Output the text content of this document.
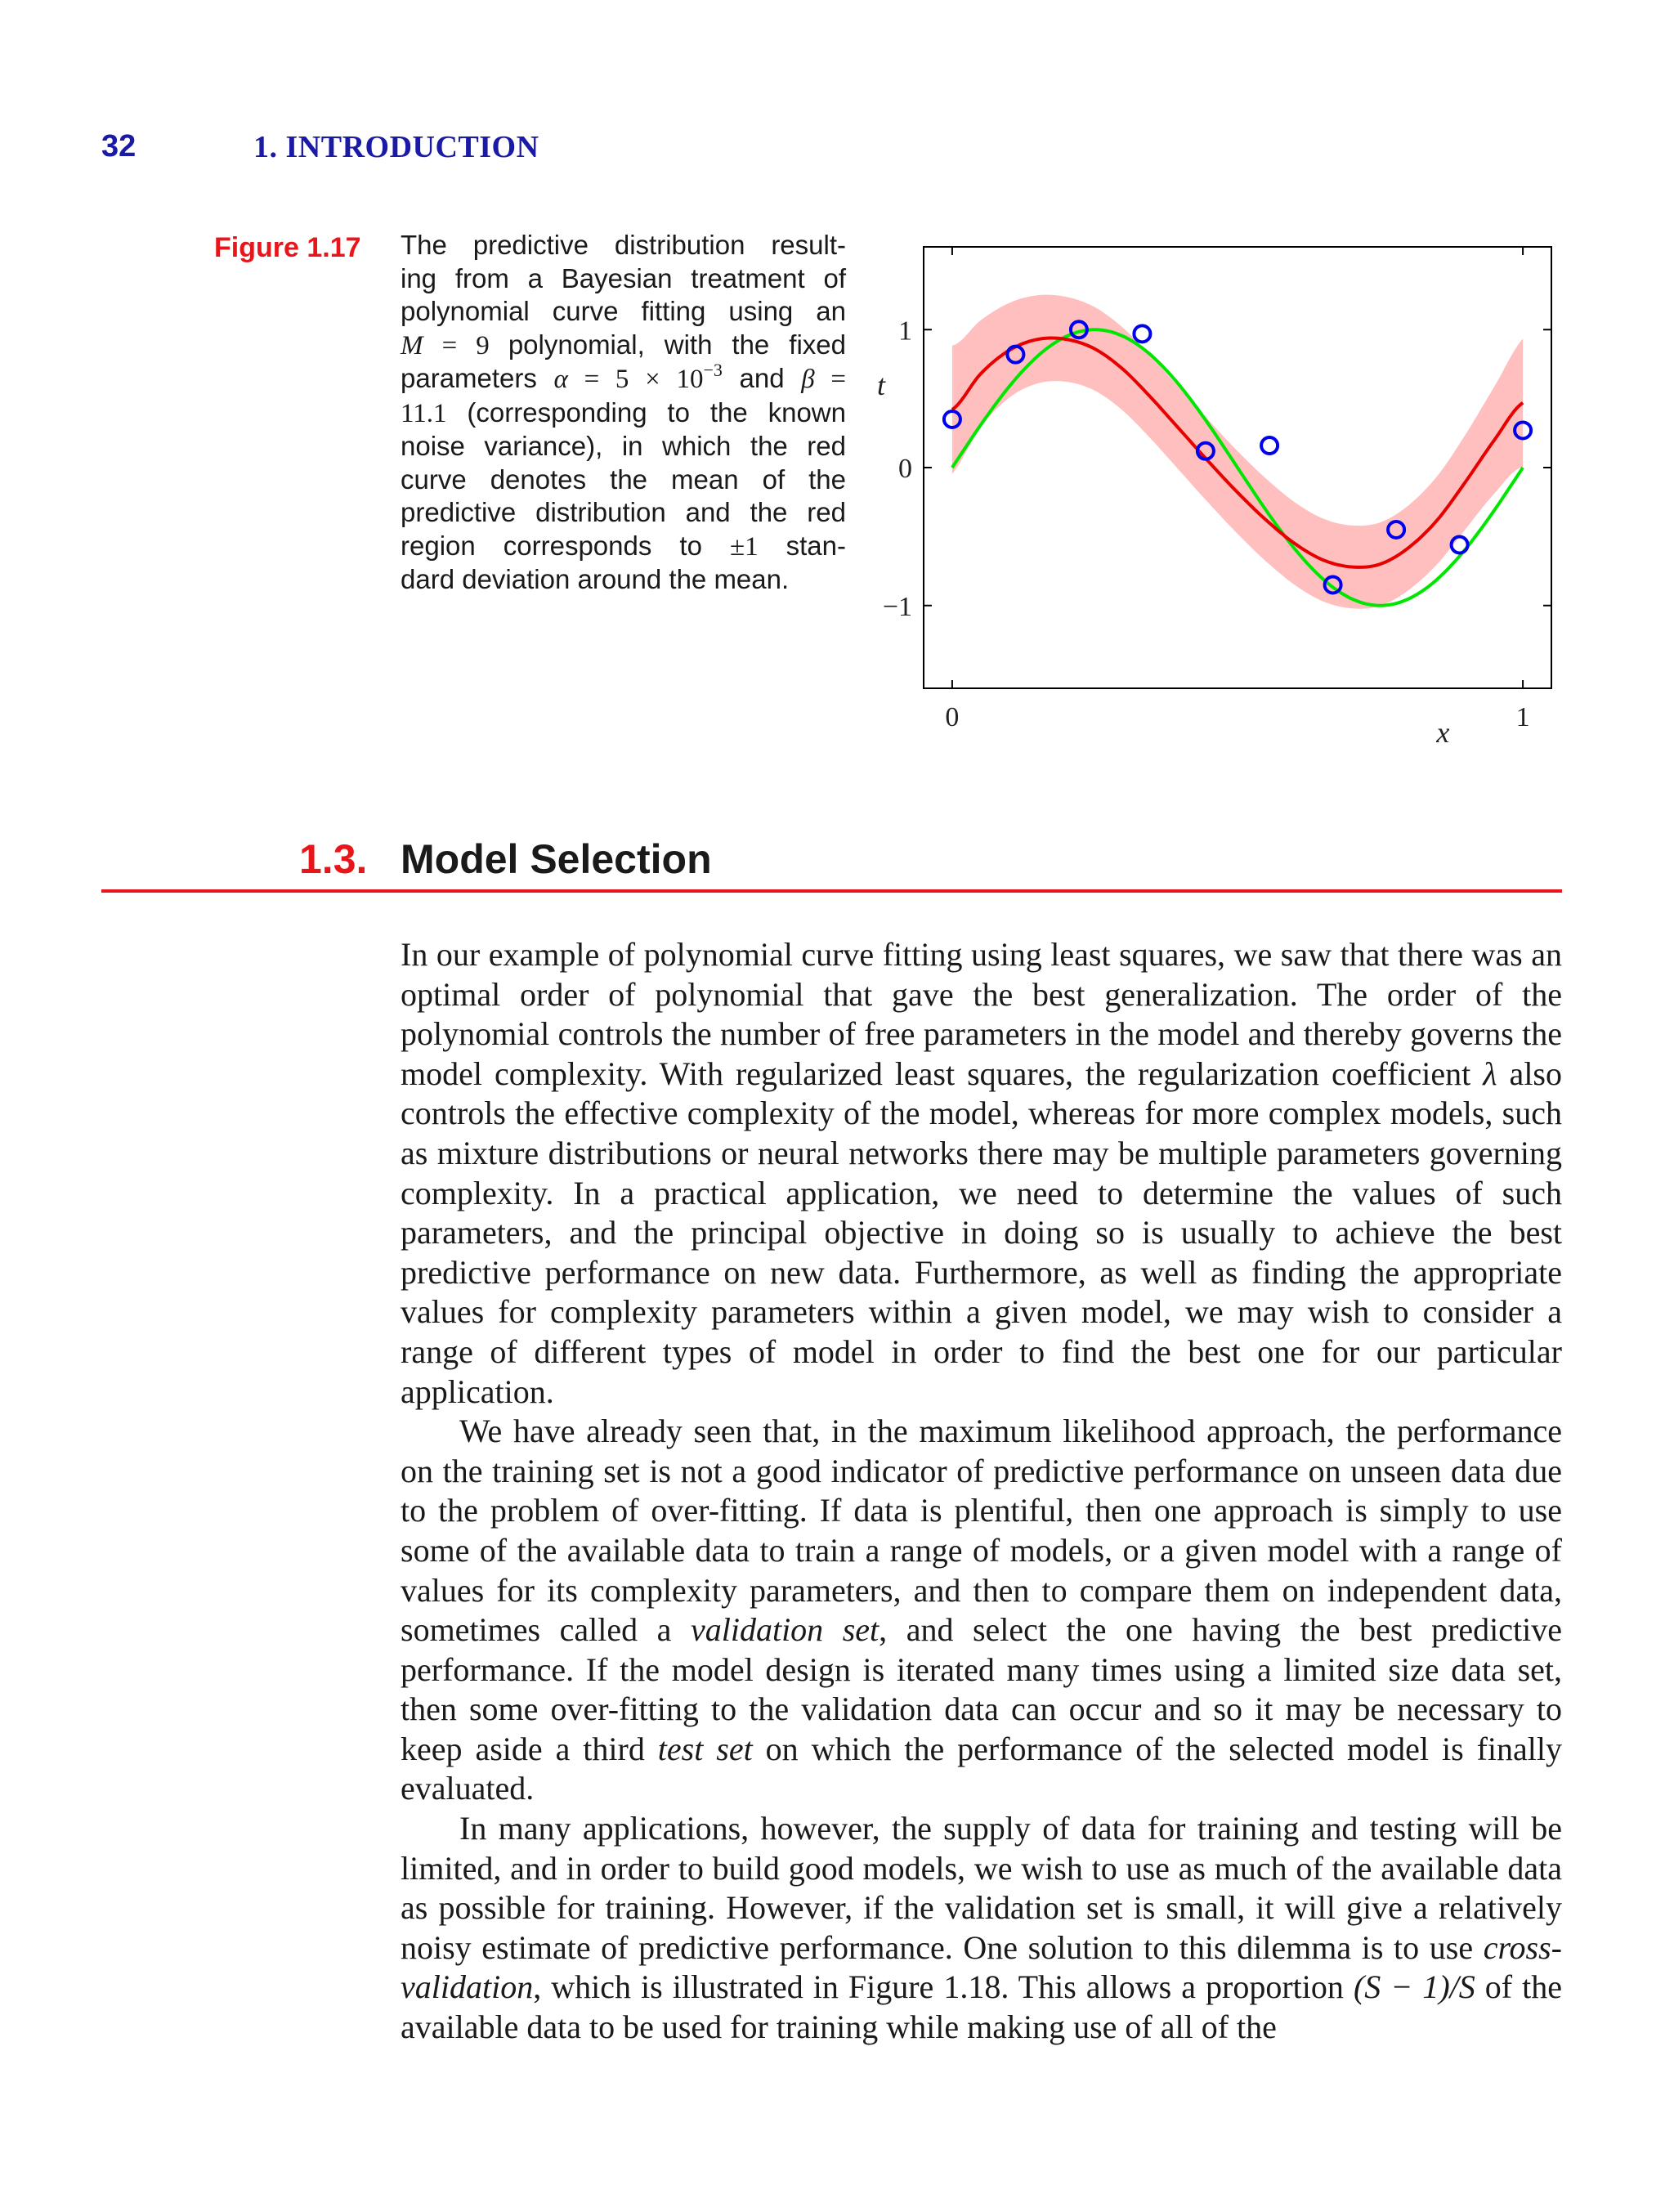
32	1. INTRODUCTION
Figure 1.17 The predictive distribution result-
ing from a Bayesian treatment of
polynomial curve fitting using an
M = 9 polynomial, with the fixed
parameters $\alpha = 5 \times 10^{-3}$ and β =
11.1 (corresponding to the known
noise variance), in which the red
curve denotes the mean of the
predictive distribution and the red
region corresponds to ±1 stan-
dard deviation around the mean.
0	1
−1
0
1
x
t
1.3. Model Selection

In our example of polynomial curve fitting using least squares, we saw that there was an optimal order of polynomial that gave the best generalization. The order of the polynomial controls the number of free parameters in the model and thereby governs the model complexity. With regularized least squares, the regularization coefficient λ also controls the effective complexity of the model, whereas for more complex models, such as mixture distributions or neural networks there may be multiple parameters governing complexity. In a practical application, we need to determine the values of such parameters, and the principal objective in doing so is usually to achieve the best predictive performance on new data. Furthermore, as well as finding the appropriate values for complexity parameters within a given model, we may wish to consider a range of different types of model in order to find the best one for our particular application.

We have already seen that, in the maximum likelihood approach, the performance on the training set is not a good indicator of predictive performance on unseen data due to the problem of over-fitting. If data is plentiful, then one approach is simply to use some of the available data to train a range of models, or a given model with a range of values for its complexity parameters, and then to compare them on independent data, sometimes called a validation set, and select the one having the best predictive performance. If the model design is iterated many times using a limited size data set, then some over-fitting to the validation data can occur and so it may be necessary to keep aside a third test set on which the performance of the selected model is finally evaluated.

In many applications, however, the supply of data for training and testing will be limited, and in order to build good models, we wish to use as much of the available data as possible for training. However, if the validation set is small, it will give a relatively noisy estimate of predictive performance. One solution to this dilemma is to use cross-validation, which is illustrated in Figure 1.18. This allows a proportion (S − 1)/S of the available data to be used for training while making use of all of the
